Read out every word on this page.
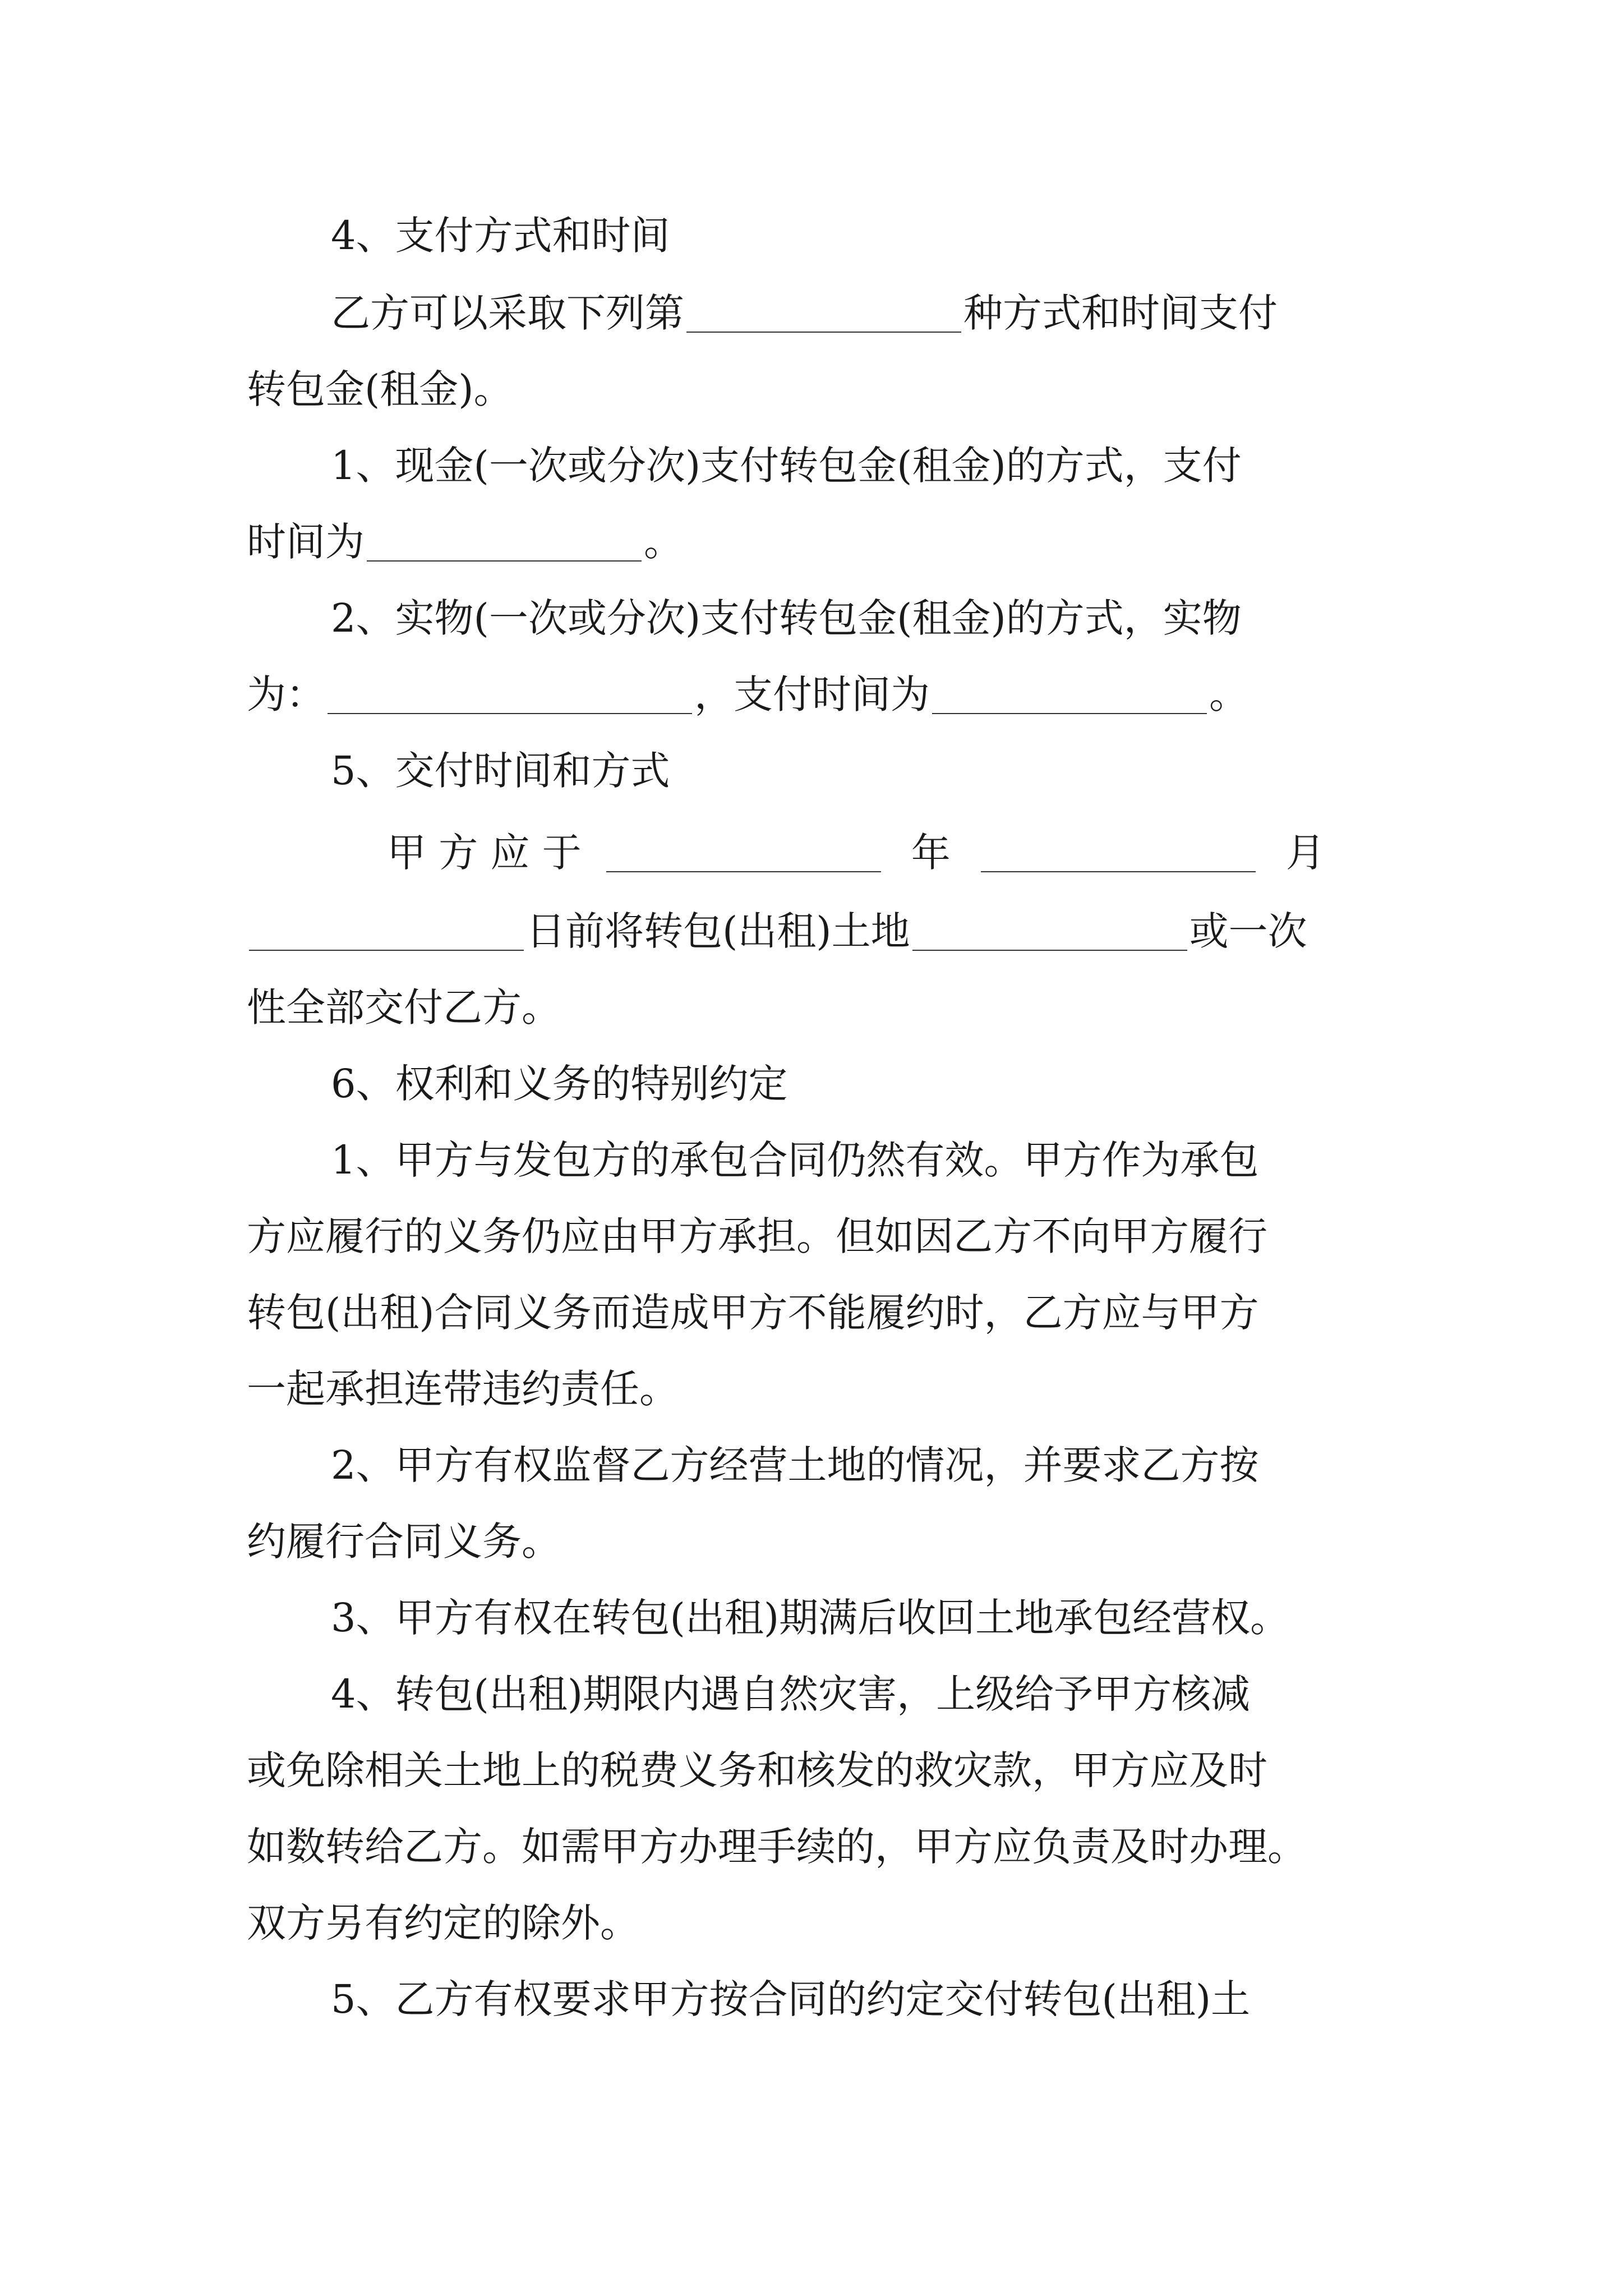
4、支付方式和时间
乙方可以采取下列第	种方式和时间支付
转包金(租金)。
1、现金(一次或分次)支付转包金(租金)的方式，支付
时间为	。
2、实物(一次或分次)支付转包金(租金)的方式，实物
为：	，支付时间为	。
5、交付时间和方式
甲 方 应 于	年	月
日前将转包(出租)土地	或一次
性全部交付乙方。
6、权利和义务的特别约定
1、甲方与发包方的承包合同仍然有效。甲方作为承包
方应履行的义务仍应由甲方承担。但如因乙方不向甲方履行
转包(出租)合同义务而造成甲方不能履约时，乙方应与甲方
一起承担连带违约责任。
2、甲方有权监督乙方经营土地的情况，并要求乙方按
约履行合同义务。
3、甲方有权在转包(出租)期满后收回土地承包经营权。
4、转包(出租)期限内遇自然灾害，上级给予甲方核减
或免除相关土地上的税费义务和核发的救灾款，甲方应及时
如数转给乙方。如需甲方办理手续的，甲方应负责及时办理。
双方另有约定的除外。
5、乙方有权要求甲方按合同的约定交付转包(出租)土
